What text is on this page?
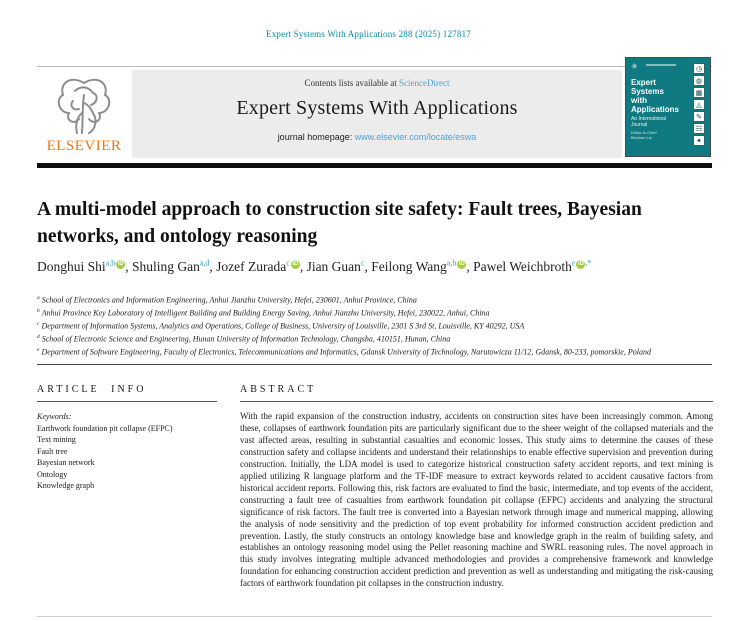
Expert Systems With Applications 288 (2025) 127817
ELSEVIER
Contents lists available at ScienceDirect
Expert Systems With Applications
journal homepage: www.elsevier.com/locate/eswa
✳
Expert
Systems
with
Applications
An International
Journal
Editor-in-Chief
Binshan Lin
◷
◍
▦
◬
✎
☷
✦
A multi-model approach to construction site safety: Fault trees, Bayesian networks, and ontology reasoning
Donghui Shi$^{a,b}$ iD , Shuling Gan$^{a,d}$, Jozef Zurada$^c$ iD , Jian Guan$^c$, Feilong Wang$^{a,b}$ iD , Pawel Weichbroth$^e$ iD ,*
$^a$ School of Electronics and Information Engineering, Anhui Jianzhu University, Hefei, 230601, Anhui Province, China
$^b$ Anhui Province Key Laboratory of Intelligent Building and Building Energy Saving, Anhui Jianzhu University, Hefei, 230022, Anhui, China
$^c$ Department of Information Systems, Analytics and Operations, College of Business, University of Louisville, 2301 S 3rd St, Louisville, KY 40292, USA
$^d$ School of Electronic Science and Engineering, Hunan University of Information Technology, Changsha, 410151, Hunan, China
$^e$ Department of Software Engineering, Faculty of Electronics, Telecommunications and Informatics, Gdansk University of Technology, Narutowicza 11/12, Gdansk, 80-233, pomorskie, Poland
ARTICLE INFO
Keywords:
Earthwork foundation pit collapse (EFPC)
Text mining
Fault tree
Bayesian network
Ontology
Knowledge graph
ABSTRACT
With the rapid expansion of the construction industry, accidents on construction sites have been increasingly common. Among these, collapses of earthwork foundation pits are particularly significant due to the sheer weight of the collapsed materials and the vast affected areas, resulting in substantial casualties and economic losses. This study aims to determine the causes of these construction safety and collapse incidents and understand their relationships to enable effective supervision and prevention during construction. Initially, the LDA model is used to categorize historical construction safety accident reports, and text mining is applied utilizing R language platform and the TF-IDF measure to extract keywords related to accident causative factors from historical accident reports. Following this, risk factors are evaluated to find the basic, intermediate, and top events of the accident, constructing a fault tree of casualties from earthwork foundation pit collapse (EFPC) accidents and analyzing the structural significance of risk factors. The fault tree is converted into a Bayesian network through image and numerical mapping, allowing the analysis of node sensitivity and the prediction of top event probability for informed construction accident prediction and prevention. Lastly, the study constructs an ontology knowledge base and knowledge graph in the realm of building safety, and establishes an ontology reasoning model using the Pellet reasoning machine and SWRL reasoning rules. The novel approach in this study involves integrating multiple advanced methodologies and provides a comprehensive framework and knowledge foundation for enhancing construction accident prediction and prevention as well as understanding and mitigating the risk-causing factors of earthwork foundation pit collapses in the construction industry.
